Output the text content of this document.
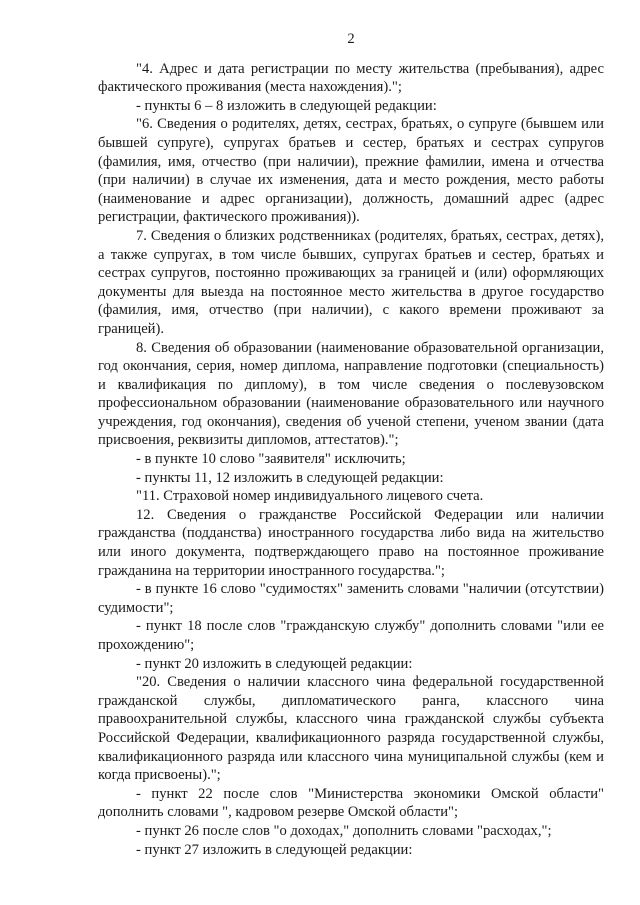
2

"4. Адрес и дата регистрации по месту жительства (пребывания), адрес фактического проживания (места нахождения).";

- пункты 6 – 8 изложить в следующей редакции:

"6. Сведения о родителях, детях, сестрах, братьях, о супруге (бывшем или бывшей супруге), супругах братьев и сестер, братьях и сестрах супругов (фамилия, имя, отчество (при наличии), прежние фамилии, имена и отчества (при наличии) в случае их изменения, дата и место рождения, место работы (наименование и адрес организации), должность, домашний адрес (адрес регистрации, фактического проживания)).

7. Сведения о близких родственниках (родителях, братьях, сестрах, детях), а также супругах, в том числе бывших, супругах братьев и сестер, братьях и сестрах супругов, постоянно проживающих за границей и (или) оформляющих документы для выезда на постоянное место жительства в другое государство (фамилия, имя, отчество (при наличии), с какого времени проживают за границей).

8. Сведения об образовании (наименование образовательной организации, год окончания, серия, номер диплома, направление подготовки (специальность) и квалификация по диплому), в том числе сведения о послевузовском профессиональном образовании (наименование образовательного или научного учреждения, год окончания), сведения об ученой степени, ученом звании (дата присвоения, реквизиты дипломов, аттестатов).";

- в пункте 10 слово "заявителя" исключить;

- пункты 11, 12 изложить в следующей редакции:

"11. Страховой номер индивидуального лицевого счета.

12. Сведения о гражданстве Российской Федерации или наличии гражданства (подданства) иностранного государства либо вида на жительство или иного документа, подтверждающего право на постоянное проживание гражданина на территории иностранного государства.";

- в пункте 16 слово "судимостях" заменить словами "наличии (отсутствии) судимости";

- пункт 18 после слов "гражданскую службу" дополнить словами "или ее прохождению";

- пункт 20 изложить в следующей редакции:

"20. Сведения о наличии классного чина федеральной государственной гражданской службы, дипломатического ранга, классного чина правоохранительной службы, классного чина гражданской службы субъекта Российской Федерации, квалификационного разряда государственной службы, квалификационного разряда или классного чина муниципальной службы (кем и когда присвоены).";

- пункт 22 после слов "Министерства экономики Омской области" дополнить словами ", кадровом резерве Омской области";

- пункт 26 после слов "о доходах," дополнить словами "расходах,";

- пункт 27 изложить в следующей редакции:
